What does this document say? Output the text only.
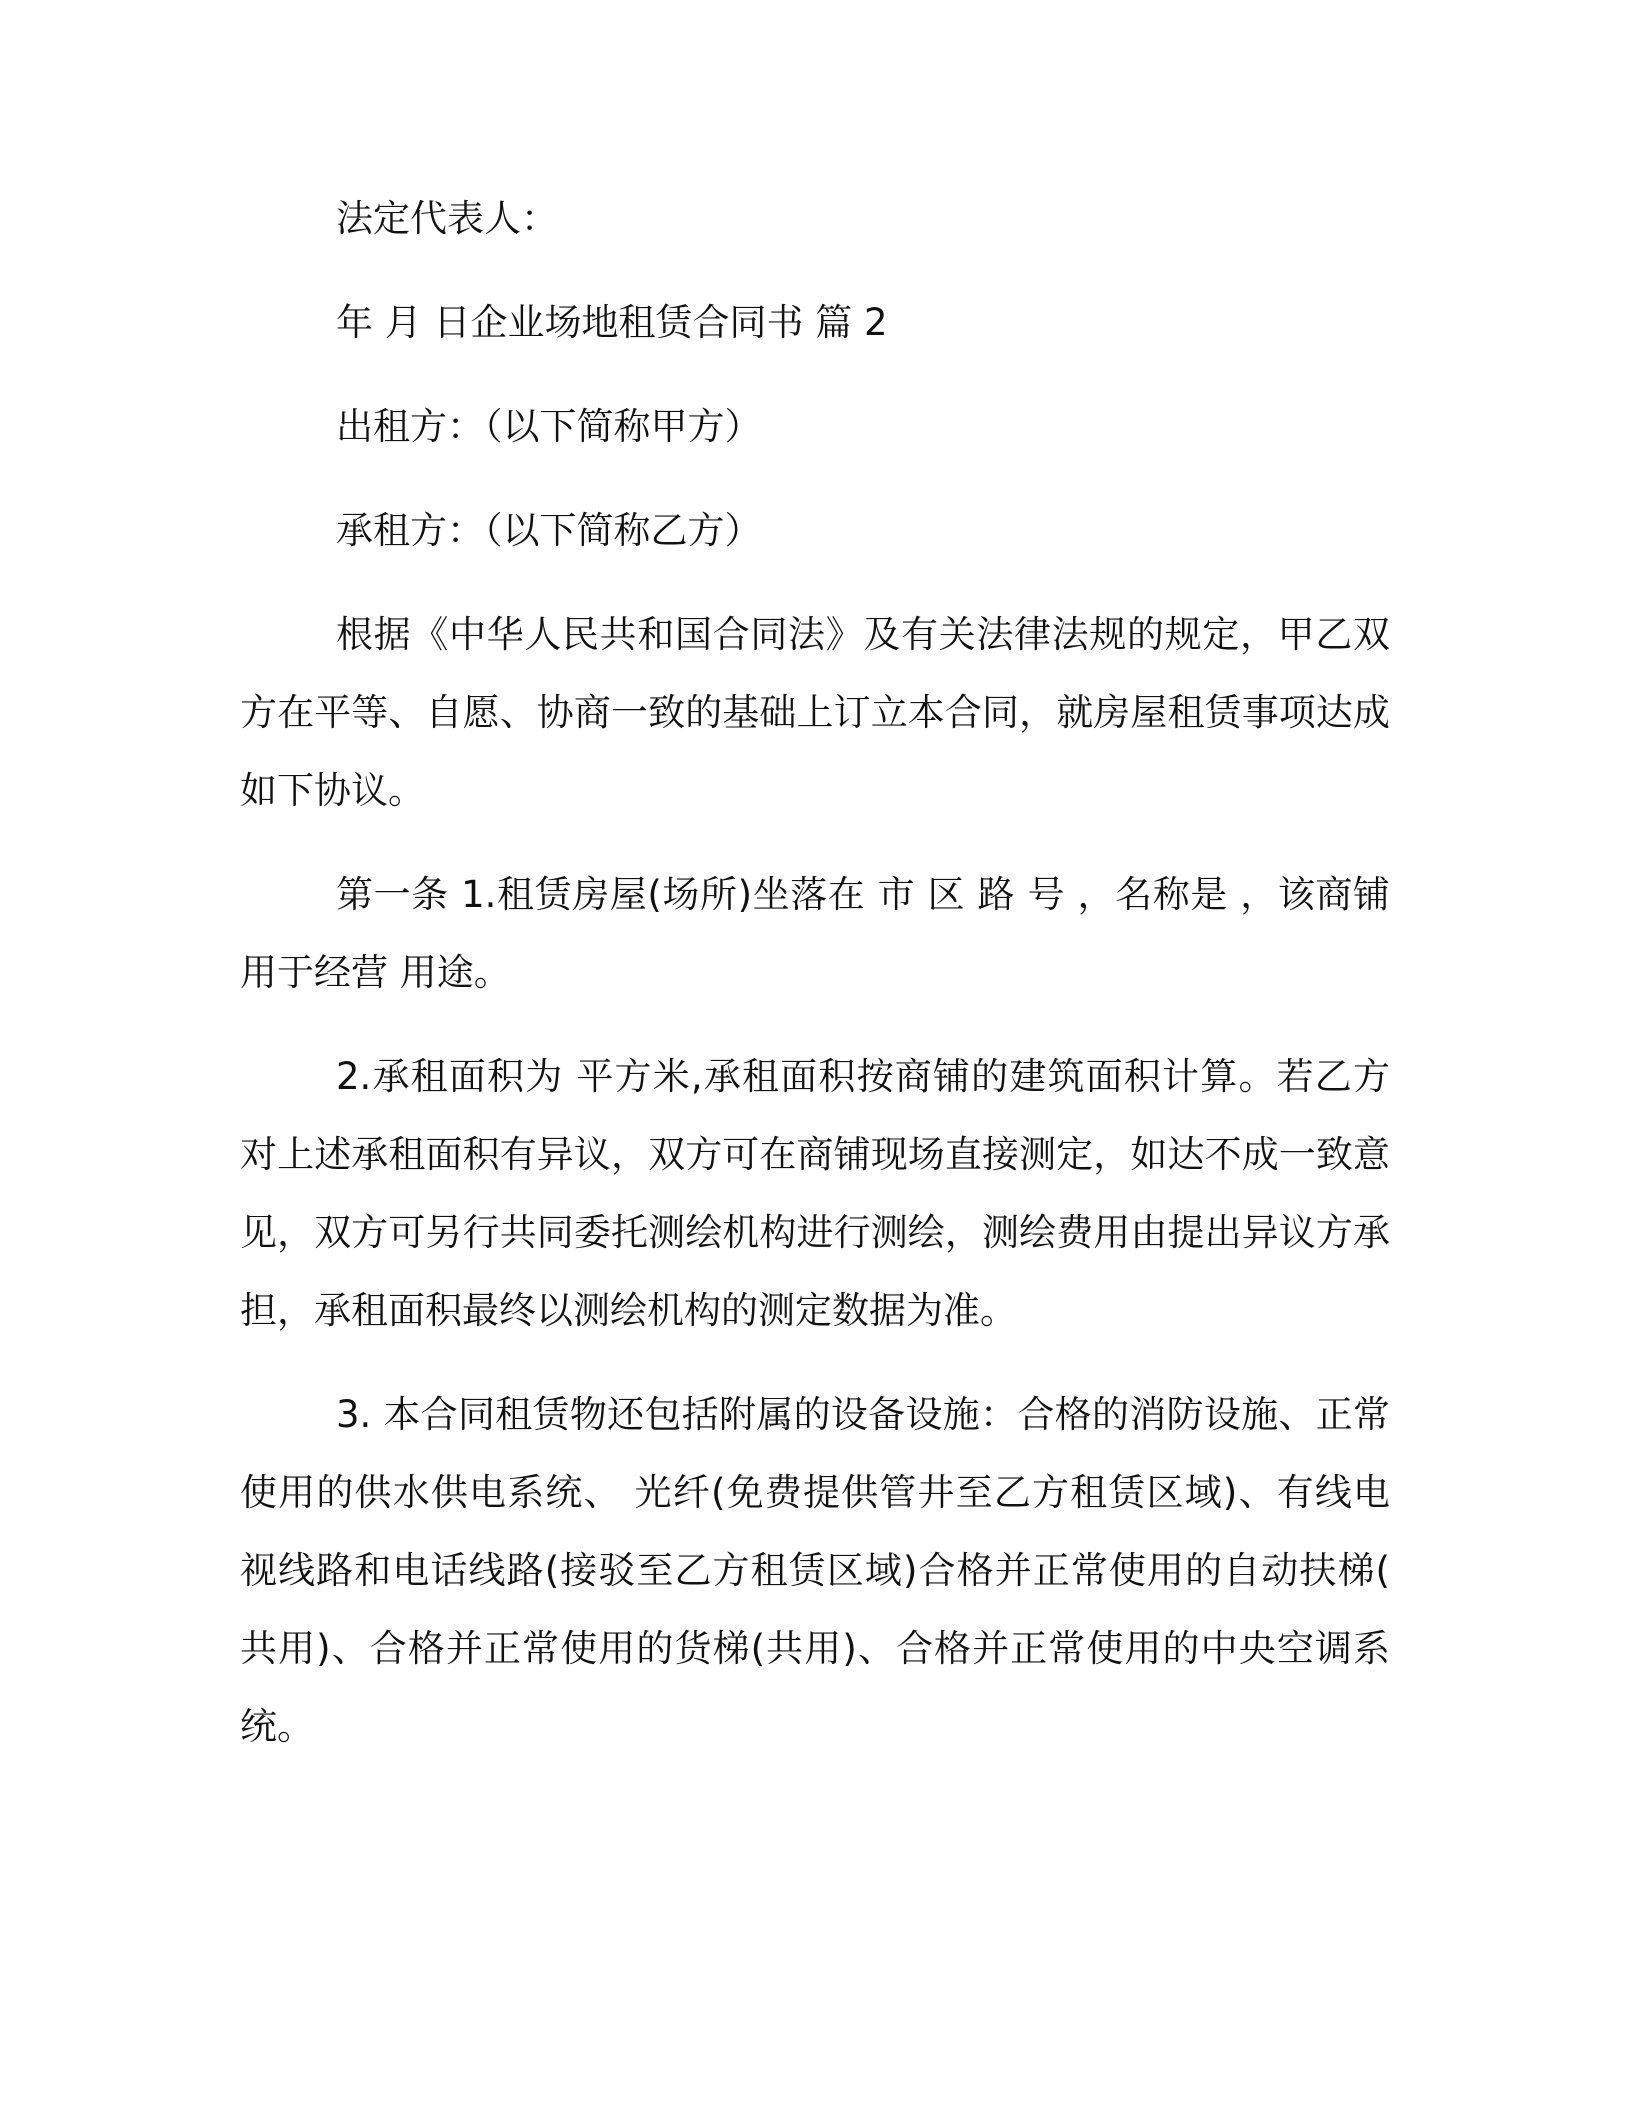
法定代表人：

年 月 日企业场地租赁合同书 篇 2

出租方：（以下简称甲方）

承租方：（以下简称乙方）

根据《中华人民共和国合同法》及有关法律法规的规定，甲乙双方在平等、自愿、协商一致的基础上订立本合同，就房屋租赁事项达成如下协议。

第一条 1.租赁房屋(场所)坐落在 市 区 路 号 ，名称是 ，该商铺用于经营 用途。

2.承租面积为 平方米,承租面积按商铺的建筑面积计算。若乙方对上述承租面积有异议，双方可在商铺现场直接测定，如达不成一致意见，双方可另行共同委托测绘机构进行测绘，测绘费用由提出异议方承担，承租面积最终以测绘机构的测定数据为准。

3. 本合同租赁物还包括附属的设备设施：合格的消防设施、正常使用的供水供电系统、 光纤(免费提供管井至乙方租赁区域)、有线电视线路和电话线路(接驳至乙方租赁区域)合格并正常使用的自动扶梯(共用)、合格并正常使用的货梯(共用)、合格并正常使用的中央空调系统。
